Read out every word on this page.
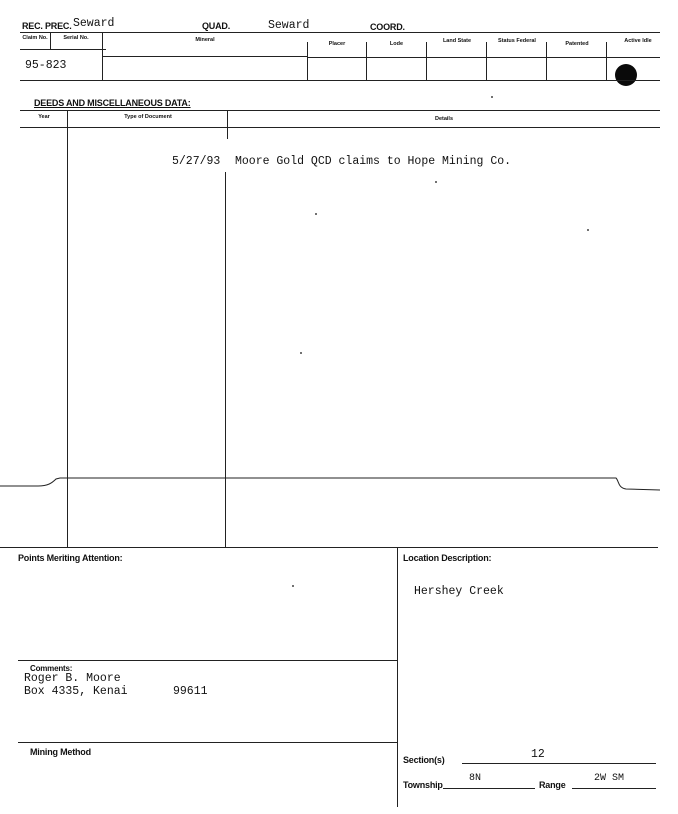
REC. PREC. Seward	QUAD.	Seward	COORD.
Claim No.	Serial No.	Mineral
Placer	Lode	Land State	Status Federal	Patented	Active Idle
95-823
DEEDS AND MISCELLANEOUS DATA:
Year	Type of Document	Details
5/27/93 Moore Gold QCD claims to Hope Mining Co.
Points Meriting Attention:	Location Description:
Hershey Creek
Comments:
Roger B. Moore
Box 4335, Kenai	99611
Mining Method
Section(s)	12
Township
8N
Range
2W SM
